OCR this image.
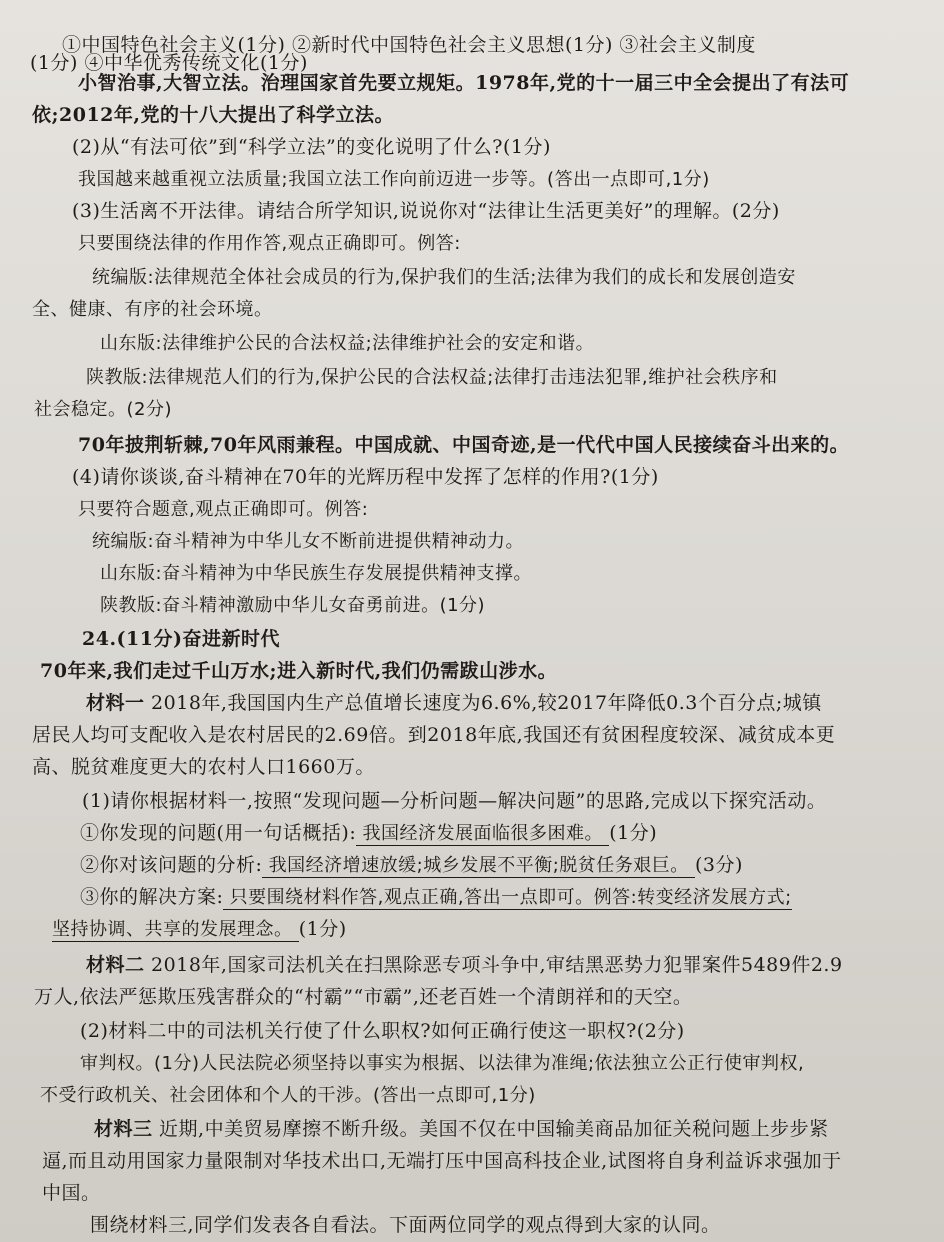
①中国特色社会主义(1分) ②新时代中国特色社会主义思想(1分) ③社会主义制度
(1分) ④中华优秀传统文化(1分)
小智治事,大智立法。治理国家首先要立规矩。1978年,党的十一届三中全会提出了有法可
依;2012年,党的十八大提出了科学立法。
(2)从“有法可依”到“科学立法”的变化说明了什么?(1分)
我国越来越重视立法质量;我国立法工作向前迈进一步等。(答出一点即可,1分)
(3)生活离不开法律。请结合所学知识,说说你对“法律让生活更美好”的理解。(2分)
只要围绕法律的作用作答,观点正确即可。例答:
统编版:法律规范全体社会成员的行为,保护我们的生活;法律为我们的成长和发展创造安
全、健康、有序的社会环境。
山东版:法律维护公民的合法权益;法律维护社会的安定和谐。
陕教版:法律规范人们的行为,保护公民的合法权益;法律打击违法犯罪,维护社会秩序和
社会稳定。(2分)
70年披荆斩棘,70年风雨兼程。中国成就、中国奇迹,是一代代中国人民接续奋斗出来的。
(4)请你谈谈,奋斗精神在70年的光辉历程中发挥了怎样的作用?(1分)
只要符合题意,观点正确即可。例答:
统编版:奋斗精神为中华儿女不断前进提供精神动力。
山东版:奋斗精神为中华民族生存发展提供精神支撑。
陕教版:奋斗精神激励中华儿女奋勇前进。(1分)
24.(11分)奋进新时代
70年来,我们走过千山万水;进入新时代,我们仍需跋山涉水。
材料一 2018年,我国国内生产总值增长速度为6.6%,较2017年降低0.3个百分点;城镇
居民人均可支配收入是农村居民的2.69倍。到2018年底,我国还有贫困程度较深、减贫成本更
高、脱贫难度更大的农村人口1660万。
(1)请你根据材料一,按照“发现问题—分析问题—解决问题”的思路,完成以下探究活动。
①你发现的问题(用一句话概括): 我国经济发展面临很多困难。 (1分)
②你对该问题的分析: 我国经济增速放缓;城乡发展不平衡;脱贫任务艰巨。 (3分)
③你的解决方案: 只要围绕材料作答,观点正确,答出一点即可。例答:转变经济发展方式;
坚持协调、共享的发展理念。 (1分)
材料二 2018年,国家司法机关在扫黑除恶专项斗争中,审结黑恶势力犯罪案件5489件2.9
万人,依法严惩欺压残害群众的“村霸”“市霸”,还老百姓一个清朗祥和的天空。
(2)材料二中的司法机关行使了什么职权?如何正确行使这一职权?(2分)
审判权。(1分)人民法院必须坚持以事实为根据、以法律为准绳;依法独立公正行使审判权,
不受行政机关、社会团体和个人的干涉。(答出一点即可,1分)
材料三 近期,中美贸易摩擦不断升级。美国不仅在中国输美商品加征关税问题上步步紧
逼,而且动用国家力量限制对华技术出口,无端打压中国高科技企业,试图将自身利益诉求强加于
中国。
围绕材料三,同学们发表各自看法。下面两位同学的观点得到大家的认同。
